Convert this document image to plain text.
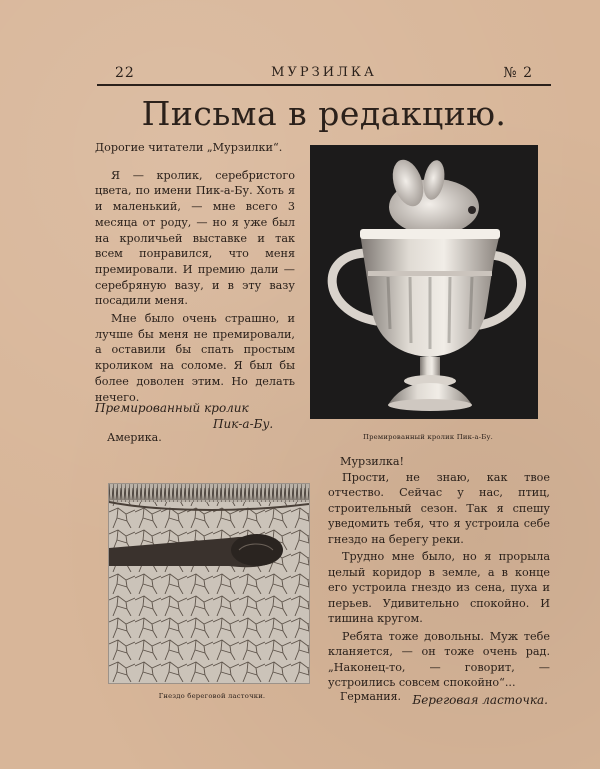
22	МУРЗИЛКА	№ 2
Письма в редакцию.

Дорогие читатели „Мурзилки“.

Я — кролик, серебристого цвета, по имени Пик-а-Бу. Хоть я и маленький, — мне всего 3 месяца от роду, — но я уже был на кроличьей выставке и так всем понравился, что меня премировали. И премию дали — серебряную вазу, и в эту вазу посадили меня.

Мне было очень страшно, и лучше бы меня не премировали, а оставили бы спать простым кроликом на соломе. Я был бы более доволен этим. Но делать нечего.

Премированный кролик
Пик-а-Бу.
Америка.	Премированный кролик Пик-а-Бу.

Мурзилка!

Прости, не знаю, как твое отчество. Сейчас у нас, птиц, строительный сезон. Так я спешу уведомить тебя, что я устроила себе гнездо на берегу реки.

Трудно мне было, но я прорыла целый коридор в земле, а в конце его устроила гнездо из сена, пуха и перьев. Удивительно спокойно. И тишина кругом.

Ребята тоже довольны. Муж тебе кланяется, — он тоже очень рад. „Наконец-то, — говорит, — устроились совсем спокойно“...

Береговая ласточка.
Гнездо береговой ласточки.	Германия.
